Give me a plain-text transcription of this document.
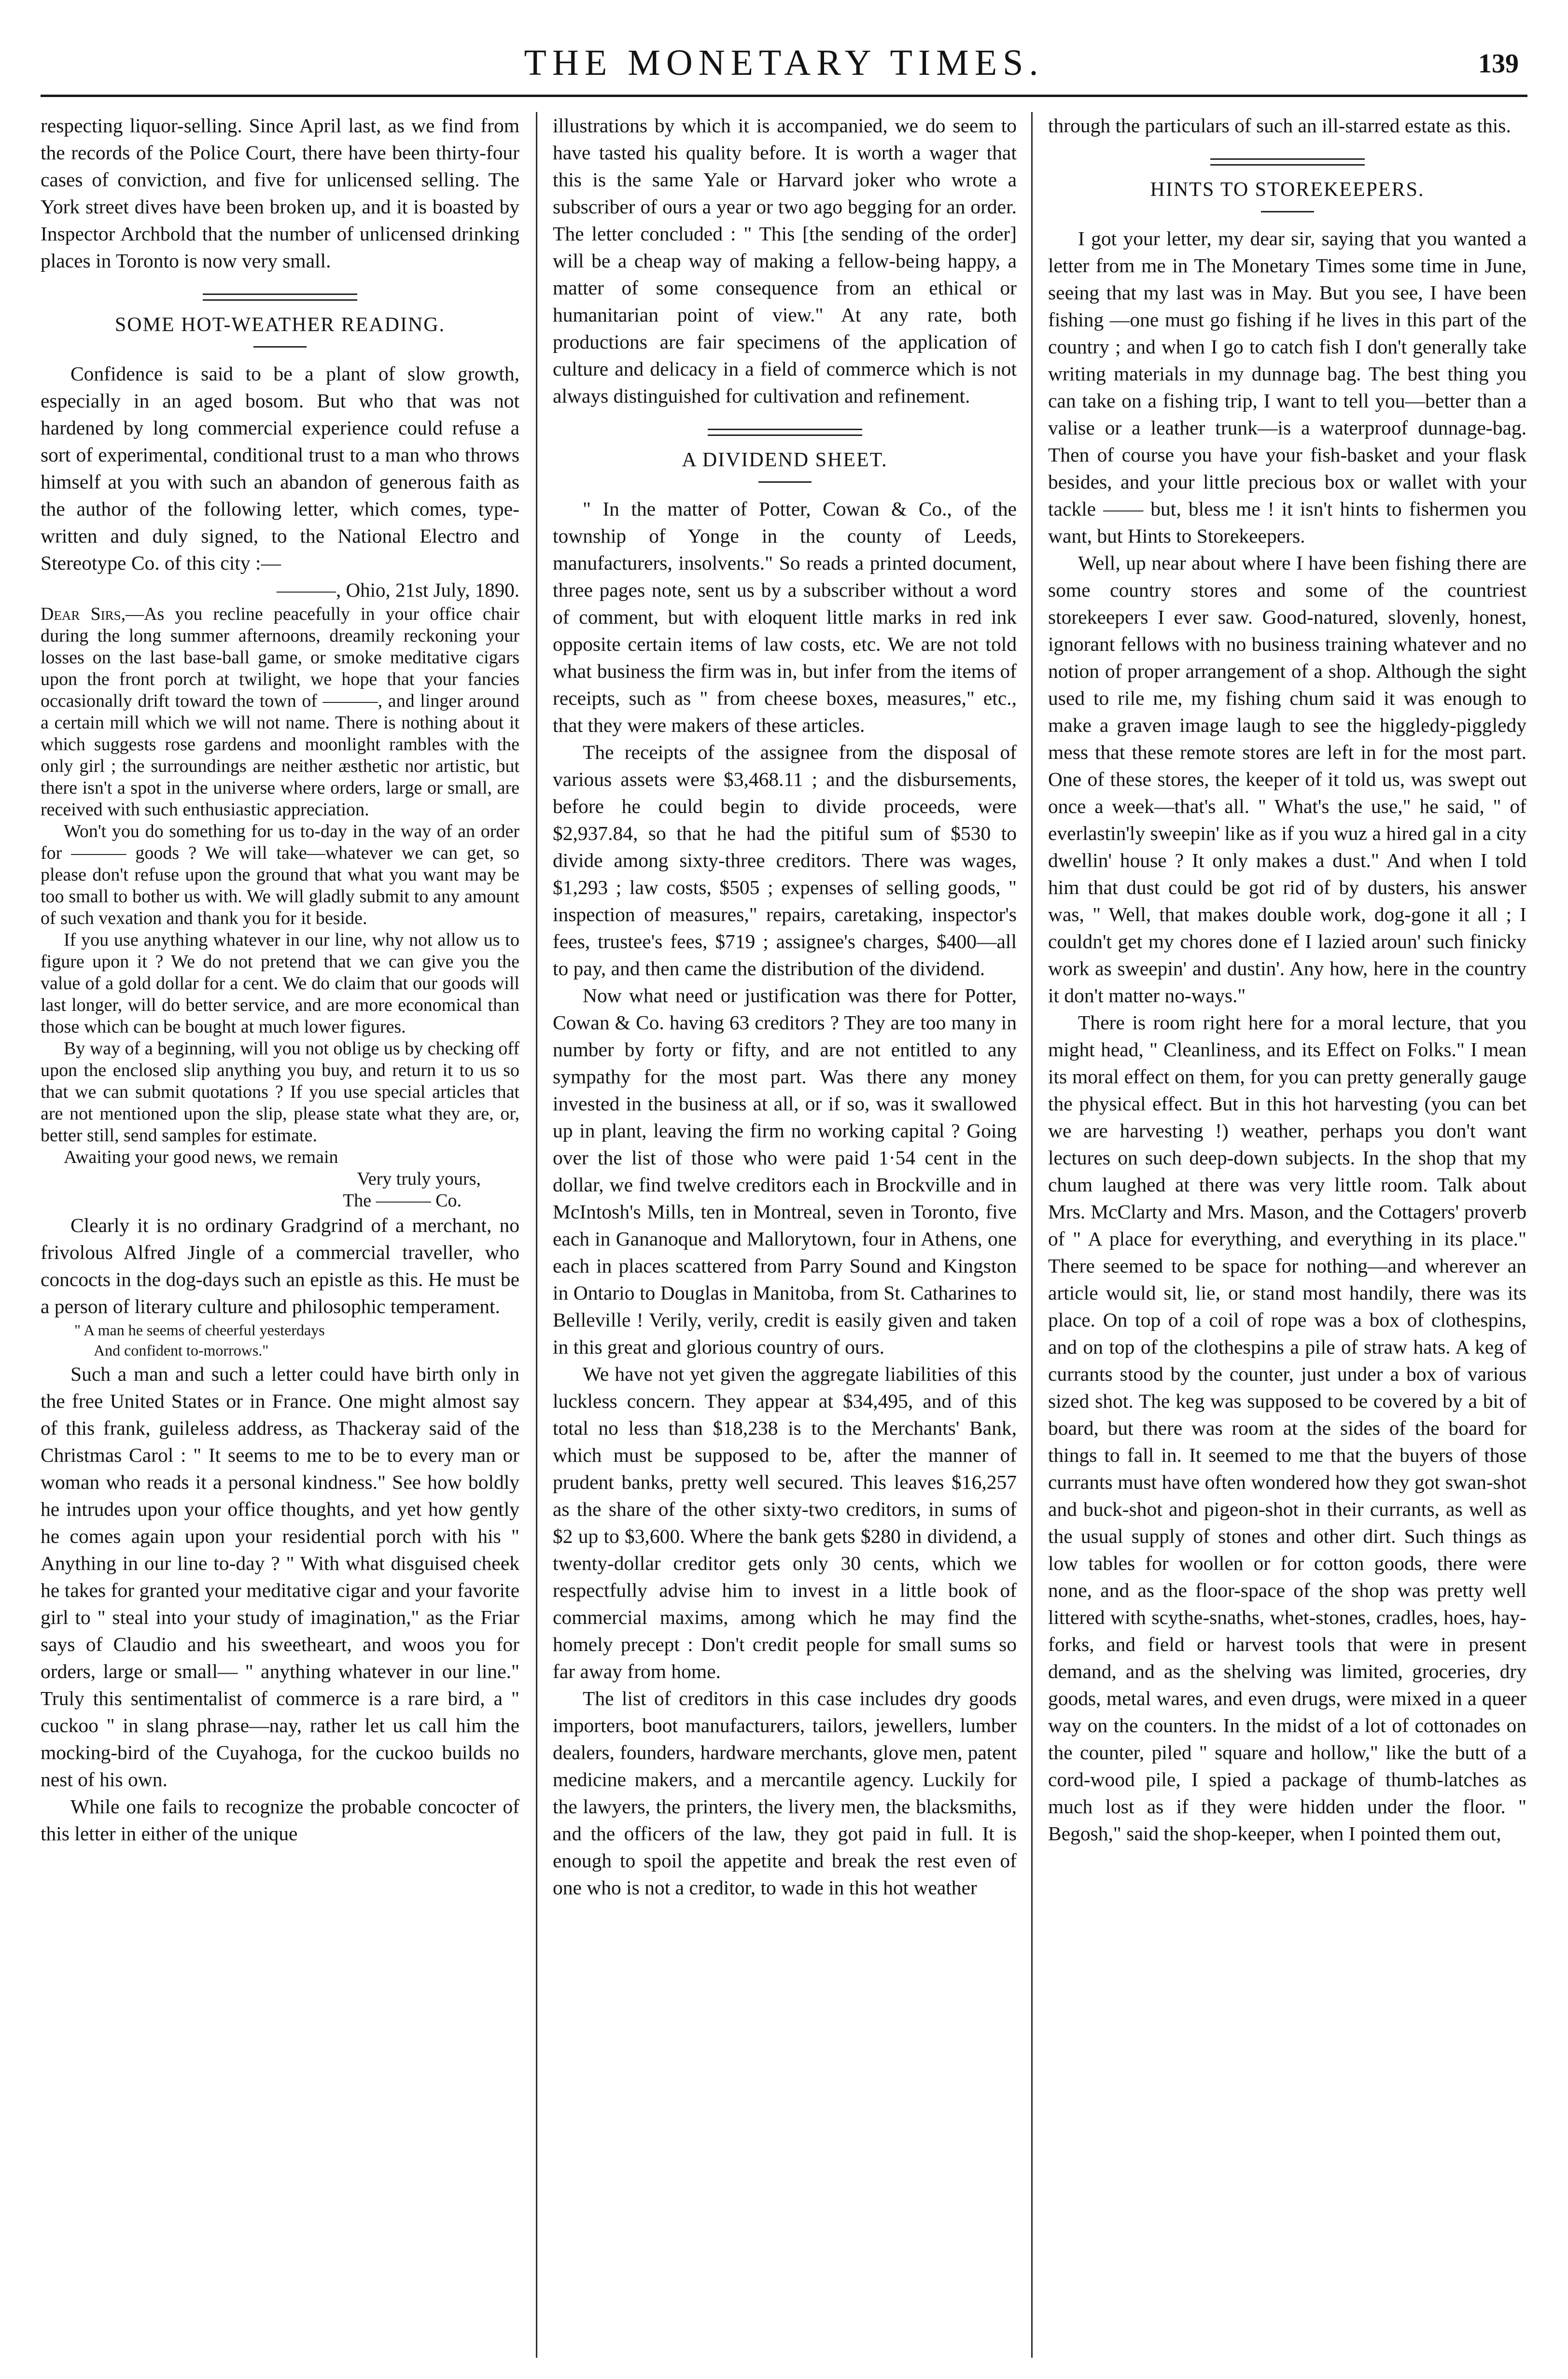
THE MONETARY TIMES.	139

respecting liquor-selling. Since April last, as we find from the records of the Police Court, there have been thirty-four cases of conviction, and five for unlicensed selling. The York street dives have been broken up, and it is boasted by Inspector Archbold that the number of unlicensed drinking places in Toronto is now very small.

SOME HOT-WEATHER READING.

Confidence is said to be a plant of slow growth, especially in an aged bosom. But who that was not hardened by long commercial experience could refuse a sort of experimental, conditional trust to a man who throws himself at you with such an abandon of generous faith as the author of the following letter, which comes, type-written and duly signed, to the National Electro and Stereotype Co. of this city :—

———, Ohio, 21st July, 1890.

Dear Sirs,—As you recline peacefully in your office chair during the long summer afternoons, dreamily reckoning your losses on the last base-ball game, or smoke meditative cigars upon the front porch at twilight, we hope that your fancies occasionally drift toward the town of ———, and linger around a certain mill which we will not name. There is nothing about it which suggests rose gardens and moonlight rambles with the only girl ; the surroundings are neither æsthetic nor artistic, but there isn't a spot in the universe where orders, large or small, are received with such enthusiastic appreciation.

Won't you do something for us to-day in the way of an order for ——— goods ? We will take—whatever we can get, so please don't refuse upon the ground that what you want may be too small to bother us with. We will gladly submit to any amount of such vexation and thank you for it beside.

If you use anything whatever in our line, why not allow us to figure upon it ? We do not pretend that we can give you the value of a gold dollar for a cent. We do claim that our goods will last longer, will do better service, and are more economical than those which can be bought at much lower figures.

By way of a beginning, will you not oblige us by checking off upon the enclosed slip anything you buy, and return it to us so that we can submit quotations ? If you use special articles that are not mentioned upon the slip, please state what they are, or, better still, send samples for estimate.

Awaiting your good news, we remain

Very truly yours,

The ——— Co.

Clearly it is no ordinary Gradgrind of a merchant, no frivolous Alfred Jingle of a commercial traveller, who concocts in the dog-days such an epistle as this. He must be a person of literary culture and philosophic temperament.

" A man he seems of cheerful yesterdays

And confident to-morrows."

Such a man and such a letter could have birth only in the free United States or in France. One might almost say of this frank, guileless address, as Thackeray said of the Christmas Carol : " It seems to me to be to every man or woman who reads it a personal kindness." See how boldly he intrudes upon your office thoughts, and yet how gently he comes again upon your residential porch with his " Anything in our line to-day ? " With what disguised cheek he takes for granted your meditative cigar and your favorite girl to " steal into your study of imagination," as the Friar says of Claudio and his sweetheart, and woos you for orders, large or small— " anything whatever in our line." Truly this sentimentalist of commerce is a rare bird, a " cuckoo " in slang phrase—nay, rather let us call him the mocking-bird of the Cuyahoga, for the cuckoo builds no nest of his own.

While one fails to recognize the probable concocter of this letter in either of the unique

illustrations by which it is accompanied, we do seem to have tasted his quality before. It is worth a wager that this is the same Yale or Harvard joker who wrote a subscriber of ours a year or two ago begging for an order. The letter concluded : " This [the sending of the order] will be a cheap way of making a fellow-being happy, a matter of some consequence from an ethical or humanitarian point of view." At any rate, both productions are fair specimens of the application of culture and delicacy in a field of commerce which is not always distinguished for cultivation and refinement.

A DIVIDEND SHEET.

" In the matter of Potter, Cowan & Co., of the township of Yonge in the county of Leeds, manufacturers, insolvents." So reads a printed document, three pages note, sent us by a subscriber without a word of comment, but with eloquent little marks in red ink opposite certain items of law costs, etc. We are not told what business the firm was in, but infer from the items of receipts, such as " from cheese boxes, measures," etc., that they were makers of these articles.

The receipts of the assignee from the disposal of various assets were $3,468.11 ; and the disbursements, before he could begin to divide proceeds, were $2,937.84, so that he had the pitiful sum of $530 to divide among sixty-three creditors. There was wages, $1,293 ; law costs, $505 ; expenses of selling goods, " inspection of measures," repairs, caretaking, inspector's fees, trustee's fees, $719 ; assignee's charges, $400—all to pay, and then came the distribution of the dividend.

Now what need or justification was there for Potter, Cowan & Co. having 63 creditors ? They are too many in number by forty or fifty, and are not entitled to any sympathy for the most part. Was there any money invested in the business at all, or if so, was it swallowed up in plant, leaving the firm no working capital ? Going over the list of those who were paid 1·54 cent in the dollar, we find twelve creditors each in Brockville and in McIntosh's Mills, ten in Montreal, seven in Toronto, five each in Gananoque and Mallorytown, four in Athens, one each in places scattered from Parry Sound and Kingston in Ontario to Douglas in Manitoba, from St. Catharines to Belleville ! Verily, verily, credit is easily given and taken in this great and glorious country of ours.

We have not yet given the aggregate liabilities of this luckless concern. They appear at $34,495, and of this total no less than $18,238 is to the Merchants' Bank, which must be supposed to be, after the manner of prudent banks, pretty well secured. This leaves $16,257 as the share of the other sixty-two creditors, in sums of $2 up to $3,600. Where the bank gets $280 in dividend, a twenty-dollar creditor gets only 30 cents, which we respectfully advise him to invest in a little book of commercial maxims, among which he may find the homely precept : Don't credit people for small sums so far away from home.

The list of creditors in this case includes dry goods importers, boot manufacturers, tailors, jewellers, lumber dealers, founders, hardware merchants, glove men, patent medicine makers, and a mercantile agency. Luckily for the lawyers, the printers, the livery men, the blacksmiths, and the officers of the law, they got paid in full. It is enough to spoil the appetite and break the rest even of one who is not a creditor, to wade in this hot weather

through the particulars of such an ill-starred estate as this.

HINTS TO STOREKEEPERS.

I got your letter, my dear sir, saying that you wanted a letter from me in The Monetary Times some time in June, seeing that my last was in May. But you see, I have been fishing —one must go fishing if he lives in this part of the country ; and when I go to catch fish I don't generally take writing materials in my dunnage bag. The best thing you can take on a fishing trip, I want to tell you—better than a valise or a leather trunk—is a waterproof dunnage-bag. Then of course you have your fish-basket and your flask besides, and your little precious box or wallet with your tackle —— but, bless me ! it isn't hints to fishermen you want, but Hints to Storekeepers.

Well, up near about where I have been fishing there are some country stores and some of the countriest storekeepers I ever saw. Good-natured, slovenly, honest, ignorant fellows with no business training whatever and no notion of proper arrangement of a shop. Although the sight used to rile me, my fishing chum said it was enough to make a graven image laugh to see the higgledy-piggledy mess that these remote stores are left in for the most part. One of these stores, the keeper of it told us, was swept out once a week—that's all. " What's the use," he said, " of everlastin'ly sweepin' like as if you wuz a hired gal in a city dwellin' house ? It only makes a dust." And when I told him that dust could be got rid of by dusters, his answer was, " Well, that makes double work, dog-gone it all ; I couldn't get my chores done ef I lazied aroun' such finicky work as sweepin' and dustin'. Any how, here in the country it don't matter no-ways."

There is room right here for a moral lecture, that you might head, " Cleanliness, and its Effect on Folks." I mean its moral effect on them, for you can pretty generally gauge the physical effect. But in this hot harvesting (you can bet we are harvesting !) weather, perhaps you don't want lectures on such deep-down subjects. In the shop that my chum laughed at there was very little room. Talk about Mrs. McClarty and Mrs. Mason, and the Cottagers' proverb of " A place for everything, and everything in its place." There seemed to be space for nothing—and wherever an article would sit, lie, or stand most handily, there was its place. On top of a coil of rope was a box of clothespins, and on top of the clothespins a pile of straw hats. A keg of currants stood by the counter, just under a box of various sized shot. The keg was supposed to be covered by a bit of board, but there was room at the sides of the board for things to fall in. It seemed to me that the buyers of those currants must have often wondered how they got swan-shot and buck-shot and pigeon-shot in their currants, as well as the usual supply of stones and other dirt. Such things as low tables for woollen or for cotton goods, there were none, and as the floor-space of the shop was pretty well littered with scythe-snaths, whet-stones, cradles, hoes, hay-forks, and field or harvest tools that were in present demand, and as the shelving was limited, groceries, dry goods, metal wares, and even drugs, were mixed in a queer way on the counters. In the midst of a lot of cottonades on the counter, piled " square and hollow," like the butt of a cord-wood pile, I spied a package of thumb-latches as much lost as if they were hidden under the floor. " Begosh," said the shop-keeper, when I pointed them out,
